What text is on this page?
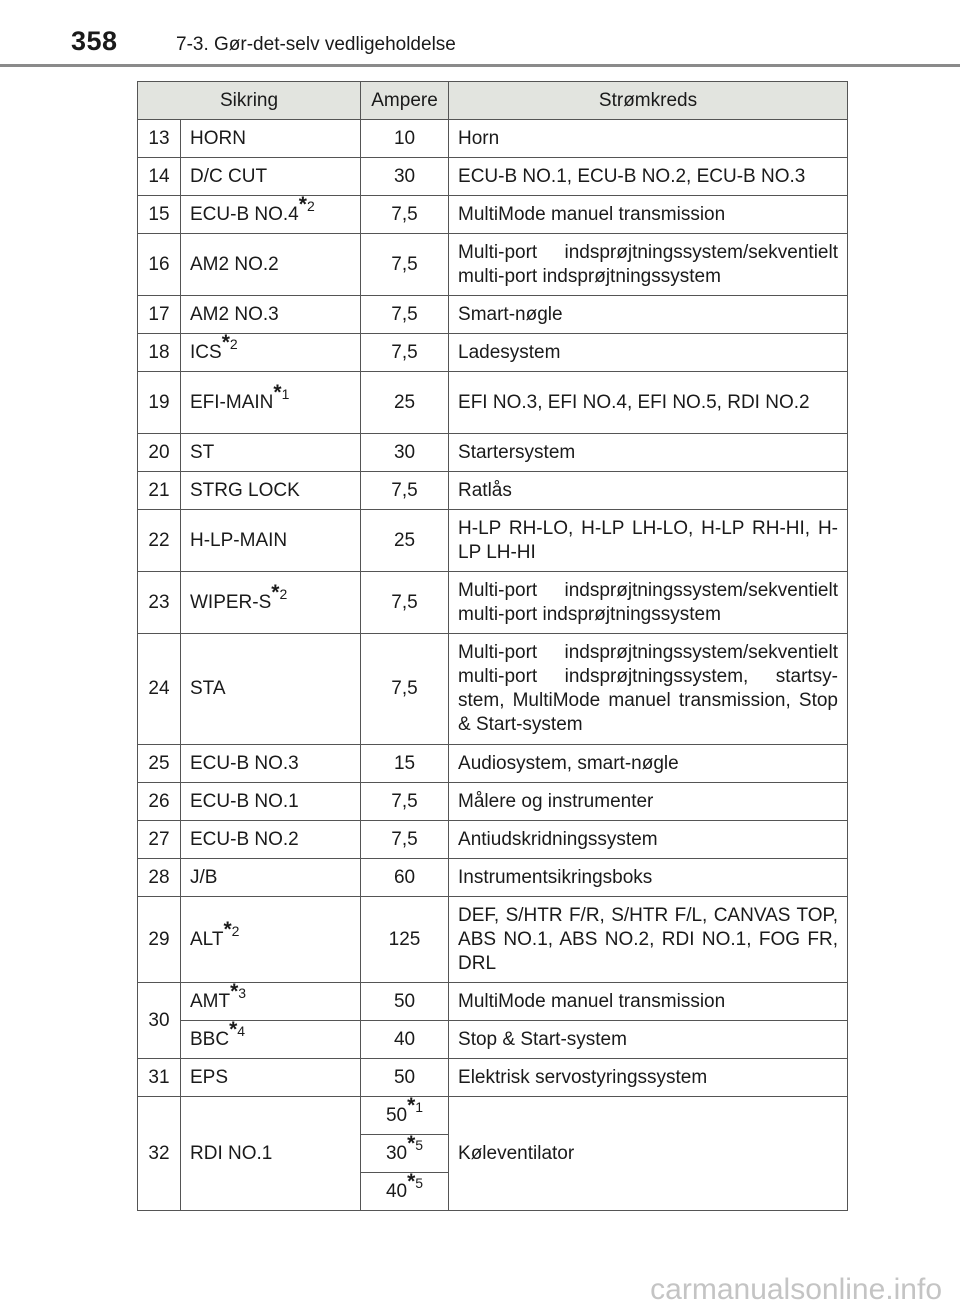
358	7-3. Gør-det-selv vedligeholdelse
Sikring		Ampere	Strømkreds
13	HORN	10	Horn
14	D/C CUT	30	ECU-B NO.1, ECU-B NO.2, ECU-B NO.3
15	ECU-B NO.4$^{*2}$	7,5	MultiMode manuel transmission
16	AM2 NO.2	7,5	Multi-port indsprøjtningssystem/sekventielt multi-port indsprøjtningssystem
17	AM2 NO.3	7,5	Smart-nøgle
18	ICS$^{*2}$	7,5	Ladesystem
19	EFI-MAIN$^{*1}$	25	EFI NO.3, EFI NO.4, EFI NO.5, RDI NO.2
20	ST	30	Startersystem
21	STRG LOCK	7,5	Ratlås
22	H-LP-MAIN	25	H-LP RH-LO, H-LP LH-LO, H-LP RH-HI, H-LP LH-HI
23	WIPER-$S^{*2}$	7,5	Multi-port indsprøjtningssystem/sekventielt multi-port indsprøjtningssystem
24	STA	7,5	Multi-port indsprøjtningssystem/sekventielt multi-port indsprøjtningssystem, startsy-stem, MultiMode manuel transmission, Stop & Start-system
25	ECU-B NO.3	15	Audiosystem, smart-nøgle
26	ECU-B NO.1	7,5	Målere og instrumenter
27	ECU-B NO.2	7,5	Antiudskridningssystem
28	J/B	60	Instrumentsikringsboks
29	ALT$^{*2}$	125	DEF, S/HTR F/R, S/HTR F/L, CANVAS TOP, ABS NO.1, ABS NO.2, RDI NO.1, FOG FR, DRL
30	AMT$^{*3}$	50	MultiMode manuel transmission
	BBC$^{*4}$	40	Stop & Start-system
31	EPS	50	Elektrisk servostyringssystem
32	RDI NO.1	50$^{*1}$	Køleventilator
		30$^{*5}$
		40$^{*5}$
carmanualsonline.info
